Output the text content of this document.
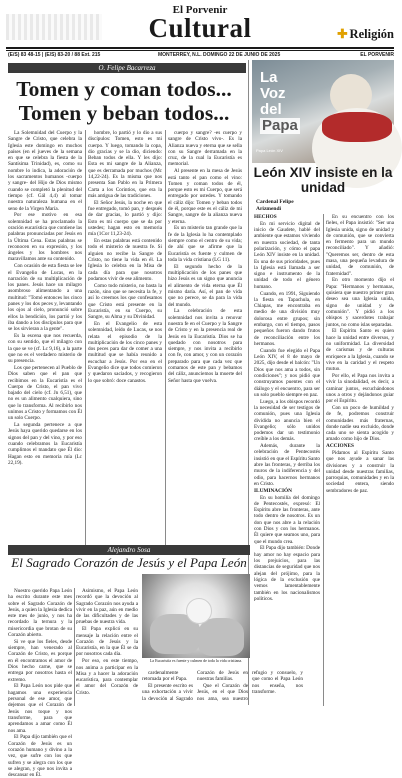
El Porvenir
Cultural	✚ Religión
(E/S) 83 48-15 | (E/S) 83-20 / 88 Ext. 215	MONTERREY, N.L. DOMINGO 22 DE JUNIO DE 2025	EL PORVENIR
O. Felipe Bacarreza
Tomen y coman todos...
Tomen y beban todos...

La Solemnidad del Cuerpo y la Sangre de Cristo, que celebra la Iglesia este domingo en muchos países (en el jueves de la semana en que se celebra la fiesta de la Santísima Trinidad), es, como su nombre lo indica, la adoración de los sacramentos humanos -cuerpo y sangre- del Hijo de Dios mismo cuando se completó la plenitud del tiempo (cf. Gál 4,4) al tomar nuestra naturaleza humana en el seno de la Virgen María.

Por ese motivo en esa solemnidad se ha proclamado la oración eucarística que contiene las palabras pronunciadas por Jesús en la Última Cena. Estas palabras se reconocen en su expresión, y los ángeles y los hombres nos maravillamos ante su contenido.

Con ocasión de esta fiesta se lee el Evangelio de Lucas, en la narración de su multiplicación de los panes. Jesús hace un milagro asombroso alimentando a una multitud: "Tomó entonces los cinco panes y los dos peces y, levantando los ojos al cielo, pronunció sobre ellos la bendición, los partió y los iba dando a los discípulos para que se los sirvieran a la gente".

Es la escena que nos recuerda, con su sentido, que el milagro con la que se ve (cf. Lc 9,16), a la parte que no es el verdadero misterio de su presencia.

Los que pertenecen al Pueblo de Dios saben que el pan que recibimos en la Eucaristía es el Cuerpo de Cristo, el pan vivo bajado del cielo (cf. Jn 6,51), que no es un alimento cualquiera, sino que lo transforma. Al recibirlo nos unimos a Cristo y formamos con Él un solo Cuerpo.

La segunda pertenece a que Jesús haya querido quedarse en los signos del pan y del vino, y por eso cuando celebramos la Eucaristía cumplimos el mandato que Él dio: Hagan esto en memoria mía (Lc 22,19).

hombre, lo partió y lo dio a sus discípulos: Tomen, esto es mi cuerpo. Y luego, tomando la copa, dio gracias y se la dio, diciendo: Beban todos de ella. Y les dijo: Esta es mi sangre de la Alianza, que es derramada por muchos (Mc 14,22-24). Es la misma que nos presenta San Pablo en la Primera Carta a los Corintios, que era la más antigua de las tradiciones.

El Señor Jesús, la noche en que fue entregado, tomó pan, y después de dar gracias, lo partió y dijo: Esto es mi cuerpo que se da por ustedes; hagan esto en memoria mía (1Cor 11,23-24).

En estas palabras está contenido todo el misterio de nuestra fe. Si alguien no recibe la Sangre de Cristo, no tiene la vida en él. La Iglesia lo celebra en la Misa de cada día para que nosotros podamos vivir de ese alimento.

Como todo misterio, no basta la razón, sino que se necesita la fe, y así lo creemos los que confesamos que Cristo está presente en la Eucaristía, en su Cuerpo, su Sangre, su Alma y su Divinidad.

En el Evangelio de esta solemnidad, leído de Lucas, se nos relata el episodio de la multiplicación de los cinco panes y dos peces para dar de comer a una multitud que se había reunido a escuchar a Jesús. Por eso en el Evangelio dice que todos comieron y quedaron saciados, y recogieron lo que sobró: doce canastos.

cuerpo y sangre? -es cuerpo y sangre de Cristo vivo-. Es la Alianza nueva y eterna que se sella con su Sangre derramada en la cruz, de la cual la Eucaristía es memorial.

Al presente en la mesa de Jesús está tanto el pan como el vino: Tomen y coman todos de él, porque esto es mi Cuerpo, que será entregado por ustedes. Y tomando el cáliz dijo: Tomen y beban todos de él, porque este es el cáliz de mi Sangre, sangre de la alianza nueva y eterna.

Es un misterio tan grande que la fe de la Iglesia lo ha contemplado siempre como el centro de su vida; de ahí que se afirme que la Eucaristía es fuente y culmen de toda la vida cristiana (LG 11).

El segundo hecho de la multiplicación de los panes que hizo Jesús es un signo que anuncia el alimento de vida eterna que Él mismo daría. Así, el pan de vida que no perece, se da para la vida del mundo.

La celebración de esta solemnidad nos invita a renovar nuestra fe en el Cuerpo y la Sangre de Cristo y en la presencia real de Jesús en la Eucaristía. Dios se ha quedado con nosotros para siempre, y nos invita a recibirlo con fe, con amor, y con un corazón preparado para que cada vez que comamos de este pan y bebamos del cáliz, anunciemos la muerte del Señor hasta que vuelva.

La
Voz
del
Papa
Papa León XIV
León XIV insiste en la unidad
Cardenal Felipe
Arizmendi

HECHOS

En mi servicio digital de inicio de Gaudete, hablé del ambiente que estamos viviendo en nuestra sociedad, de tanta polarización, y cómo el papa León XIV insiste en la unidad. Es una de sus prioridades, pues la Iglesia está llamada a ser signo e instrumento de la unidad de todo el género humano.

Cuando, en 1991, Siguiendo la fiesta en Tapachula, en Chiapas, me encontraba en medio de una división muy dolorosa entre grupos; sin embargo, con el tiempo, pasos pequeños fueron dando frutos de reconciliación entre los hermanos.

Cuando fue elegido el Papa León XIV, el 8 de mayo de 2025, dijo desde el balcón: "Un Dios que nos ama a todos, sin condiciones"; y nos pidió que construyamos puentes con el diálogo y el encuentro, para ser un solo pueblo siempre en paz.

Luego, a los obispos recordó la necesidad de ser testigos de comunión, pues una Iglesia dividida no anuncia bien el Evangelio; sólo unidos podemos dar un testimonio creíble a los demás.

Además, durante la celebración de Pentecostés insistió en que el Espíritu Santo abre las fronteras, y derriba los muros de la indiferencia y del odio, para hacernos hermanos en Cristo.

ILUMINACIÓN

En su homilía del domingo de Pentecostés, expresó: El Espíritu abre las fronteras, ante todo dentro de nosotros. Es un don que nos abre a la relación con Dios y con los hermanos. Él quiere que seamos uno, para que el mundo crea.

El Papa dijo también: Donde hay amor no hay espacio para los prejuicios, para las distancias de seguridad que nos alejan del prójimo, para la lógica de la exclusión que vemos lamentablemente también en los nacionalismos políticos.

En su encuentro con los fieles, el Papa insistió: "Ser una Iglesia unida, signo de unidad y de comunión, que se convierta en fermento para un mundo reconciliado". Y añadió: "Queremos ser, dentro de esta masa, una pequeña levadura de unidad, de comunión, de fraternidad".

En otro momento dijo el Papa: "Hermanos y hermanas, quisiera que nuestro primer gran deseo sea una Iglesia unida, signo de unidad y de comunión". Y pidió a los obispos y sacerdotes trabajar juntos, no como islas separadas.

El Espíritu Santo es quien hace la unidad entre diversos, y no uniformidad. La diversidad de carismas y de culturas enriquece a la Iglesia, cuando se vive en la caridad y el respeto mutuo.

Por ello, el Papa nos invita a vivir la sinodalidad, es decir, a caminar juntos, escuchándonos unos a otros y dejándonos guiar por el Espíritu.

Con un poco de humildad y de fe, podremos construir comunidades más fraternas, donde nadie sea excluido, donde cada uno se sienta acogido y amado como hijo de Dios.

ACCIONES

Pidamos al Espíritu Santo que nos ayude a sanar las divisiones y a construir la unidad desde nuestras familias, parroquias, comunidades y en la sociedad entera, siendo sembradores de paz.

Alejandro Sosa
El Sagrado Corazón de Jesús y el Papa León

Nuestro querido Papa León ha escrito durante este mes sobre el Sagrado Corazón de Jesús, a quien la Iglesia dedica este mes de junio, y nos ha recordado la ternura y la misericordia que brotan de su Corazón abierto.

Si ve que los fieles, desde siempre, han venerado al Corazón de Cristo, es porque en él encontramos el amor de Dios hecho carne, que se entrega por nosotros hasta el extremo.

El Papa León nos pide que hagamos una experiencia personal de ese amor, que dejemos que el Corazón de Jesús nos toque y nos transforme, para que aprendamos a amar como Él nos ama.

El Papa dijo también que el Corazón de Jesús es un corazón humano y divino a la vez, que sufre con los que sufren y se alegra con los que se alegran, y que nos invita a descansar en Él.

Asimismo, el Papa León recordó que la devoción al Sagrado Corazón nos ayuda a vivir en la paz, aún en medio de las dificultades y de las pruebas de nuestra vida.

El Papa explicó en su mensaje la relación entre el Corazón de Jesús y la Eucaristía, en la que Él se da por nosotros cada día.

Por eso, en este tiempo, nos anima a participar en la Misa y a hacer la adoración eucarística, para contemplar el amor del Corazón de Cristo.

La Eucaristía es fuente y culmen de toda la vida cristiana.

cardenalmente retomada por el Papa.

El presente escrito es una exhortación a vivir la devoción al Sagrado Corazón de Jesús en nuestras familias.

Que el Corazón de Jesús, en el que Dios nos ama, sea nuestro refugio y consuelo, y que como el Papa León nos enseña, nos transforme.
